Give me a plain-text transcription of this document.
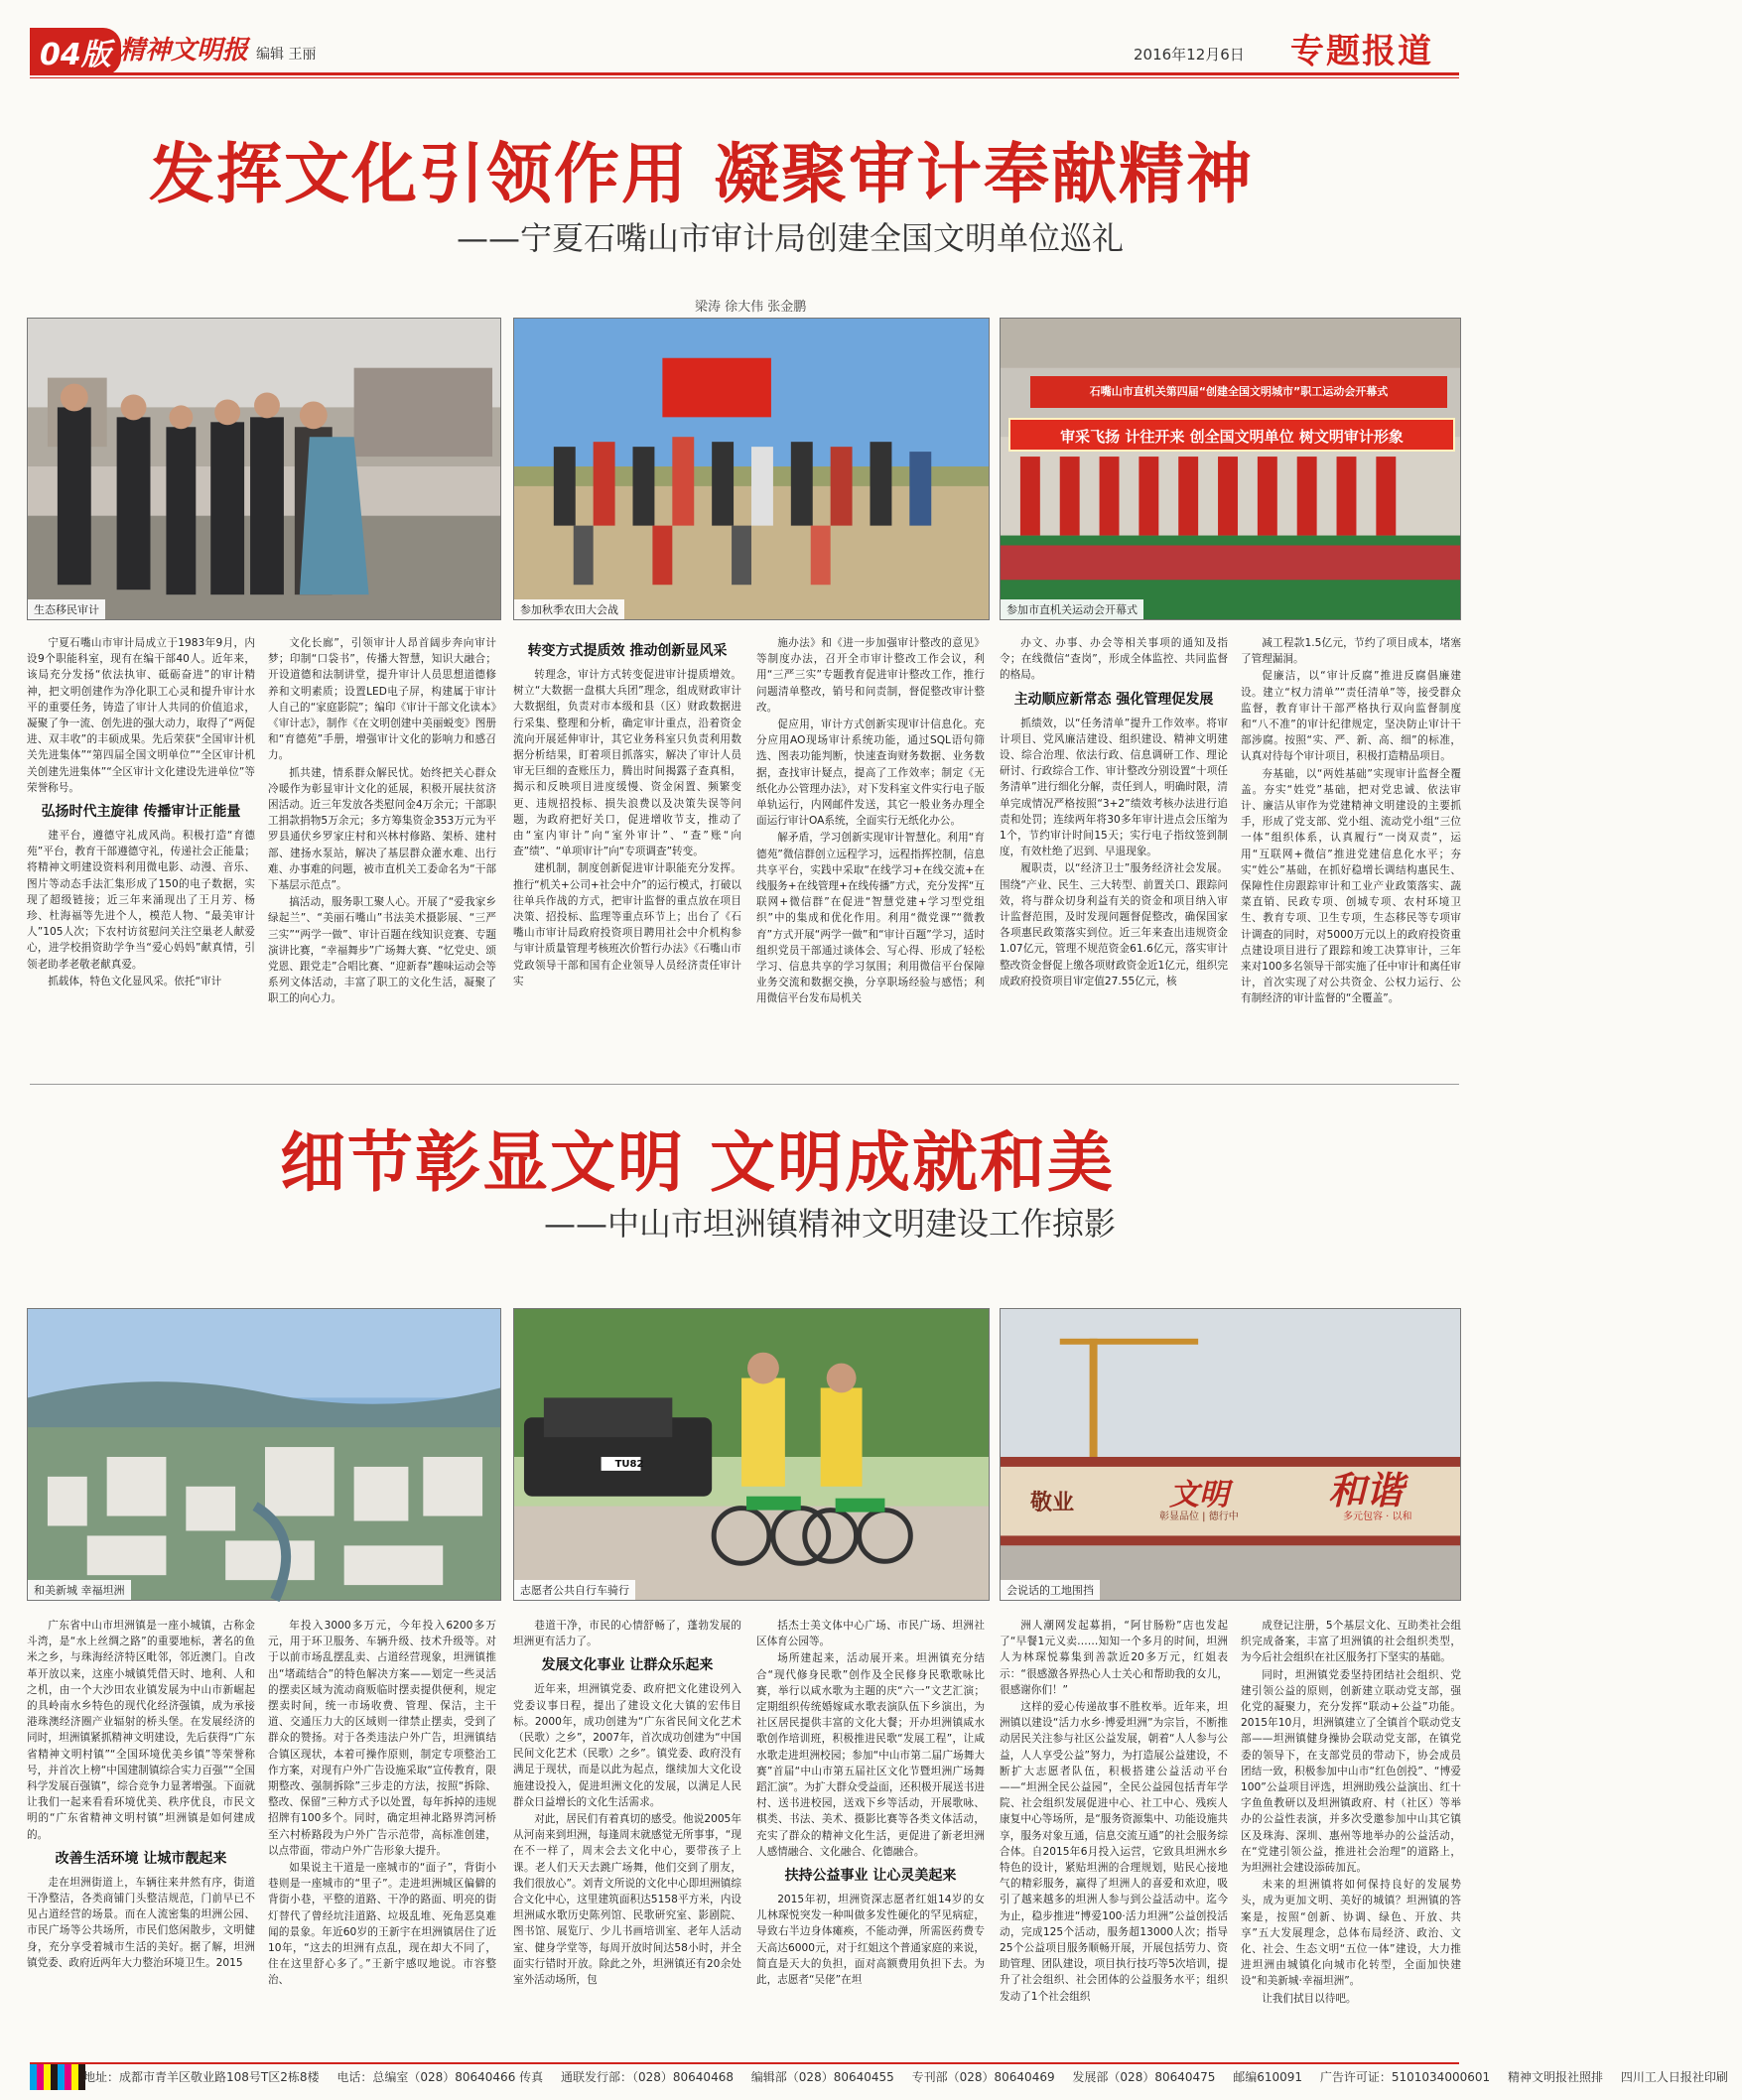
04版 精神文明报 编辑 王丽	2016年12月6日 专题报道
发挥文化引领作用 凝聚审计奉献精神
——宁夏石嘴山市审计局创建全国文明单位巡礼
梁涛 徐大伟 张金鹏
生态移民审计	参加秋季农田大会战
石嘴山市直机关第四届“创建全国文明城市”职工运动会开幕式
审采飞扬 计往开来 创全国文明单位 树文明审计形象
参加市直机关运动会开幕式

宁夏石嘴山市审计局成立于1983年9月，内设9个职能科室，现有在编干部40人。近年来，该局充分发扬“依法执审、砥砺奋进”的审计精神，把文明创建作为净化职工心灵和提升审计水平的重要任务，铸造了审计人共同的价值追求，凝聚了争一流、创先进的强大动力，取得了“两促进、双丰收”的丰硕成果。先后荣获“全国审计机关先进集体”“第四届全国文明单位”“全区审计机关创建先进集体”“全区审计文化建设先进单位”等荣誉称号。

弘扬时代主旋律 传播审计正能量

建平台，遵德守礼成风尚。积极打造“育德苑”平台，教育干部遵德守礼，传递社会正能量；将精神文明建设资料利用微电影、动漫、音乐、图片等动态手法汇集形成了150的电子数据，实现了超级链接；近三年来涌现出了王月芳、杨珍、杜海福等先进个人，模范人物、“最美审计人”105人次；下农村访贫慰问关注空巢老人献爱心，进学校捐资助学争当“爱心妈妈”献真情，引领老助孝老敬老献真爱。

抓载体，特色文化显风采。依托“审计

文化长廊”，引领审计人昂首阔步奔向审计梦；印制“口袋书”，传播大智慧，知识大融合；开设道德和法制讲堂，提升审计人员思想道德修养和文明素质；设置LED电子屏，构建属于审计人自己的“家庭影院”；编印《审计干部文化读本》《审计志》，制作《在文明创建中美丽蜕变》图册和“育德苑”手册，增强审计文化的影响力和感召力。

抓共建，情系群众解民忧。始终把关心群众冷暖作为彰显审计文化的延展，积极开展扶贫济困活动。近三年发放各类慰问金4万余元；干部职工捐款捐物5万余元；多方筹集资金353万元为平罗县通伏乡罗家庄村和兴林村修路、架桥、建村部、建扬水泵站，解决了基层群众灌水难、出行难、办事难的问题，被市直机关工委命名为“干部下基层示范点”。

搞活动，服务职工聚人心。开展了“爱我家乡绿起兰”、“美丽石嘴山”书法美术摄影展、“三严三实”“两学一做”、审计百题在线知识竞赛、专题演讲比赛，“幸福舞步”广场舞大赛、“忆党史、颂党恩、跟党走”合唱比赛、“迎新春”趣味运动会等系列文体活动，丰富了职工的文化生活，凝聚了职工的向心力。

转变方式提质效 推动创新显风采

转理念，审计方式转变促进审计提质增效。树立“大数据一盘棋大兵团”理念，组成财政审计大数据组，负责对市本级和县（区）财政数据进行采集、整理和分析，确定审计重点，沿着资金流向开展延伸审计，其它业务科室只负责利用数据分析结果，盯着项目抓落实，解决了审计人员审无巨细的查账压力，腾出时间揭露子查真相，揭示和反映项目进度缓慢、资金闲置、频繁变更、违规招投标、损失浪费以及决策失误等问题，为政府把好关口，促进增收节支，推动了由“室内审计”向“室外审计”、“查”账“向查”绩”、“单项审计”向“专项调查”转变。

建机制，制度创新促进审计职能充分发挥。推行“机关+公司+社会中介”的运行模式，打破以往单兵作战的方式，把审计监督的重点放在项目决策、招投标、监理等重点环节上；出台了《石嘴山市审计局政府投资项目聘用社会中介机构参与审计质量管理考核班次价暂行办法》《石嘴山市党政领导干部和国有企业领导人员经济责任审计实

施办法》和《进一步加强审计整改的意见》等制度办法，召开全市审计整改工作会议，利用“三严三实”专题教育促进审计整改工作，推行问题清单整改，销号和问责制，督促整改审计整改。

促应用，审计方式创新实现审计信息化。充分应用AO现场审计系统功能，通过SQL语句筛选、图表功能判断，快速查询财务数据、业务数据，查找审计疑点，提高了工作效率；制定《无纸化办公管理办法》，对下发科室文件实行电子版单轨运行，内网邮件发送，其它一般业务办理全面运行审计OA系统，全面实行无纸化办公。

解矛盾，学习创新实现审计智慧化。利用“育德苑”微信群创立远程学习，远程指挥控制，信息共享平台，实践中采取“在线学习+在线交流+在线服务+在线管理+在线传播”方式，充分发挥“互联网+微信群”在促进“智慧党建+学习型党组织”中的集成和优化作用。利用“微党课”“微教育”方式开展“两学一做”和“审计百题”学习，适时组织党员干部通过谈体会、写心得、形成了轻松学习、信息共享的学习氛围；利用微信平台保障业务交流和数据交换，分享职场经验与感悟；利用微信平台发布局机关

办文、办事、办会等相关事项的通知及指令；在线微信“查岗”，形成全体监控、共同监督的格局。

主动顺应新常态 强化管理促发展

抓绩效，以“任务清单”提升工作效率。将审计项目、党风廉洁建设、组织建设、精神文明建设、综合治理、依法行政、信息调研工作、理论研讨、行政综合工作、审计整改分别设置“十项任务清单”进行细化分解，责任到人，明确时限，清单完成情况严格按照“3+2”绩效考核办法进行追责和处罚；连续两年将30多年审计进点会压缩为1个，节约审计时间15天；实行电子指纹签到制度，有效杜绝了迟到、早退现象。

履职责，以“经济卫士”服务经济社会发展。围绕“产业、民生、三大转型、前置关口、跟踪问效，将与群众切身利益有关的资金和项目纳入审计监督范围，及时发现问题督促整改，确保国家各项惠民政策落实到位。近三年来查出违规资金1.07亿元，管理不规范资金61.6亿元，落实审计整改资金督促上缴各项财政资金近1亿元，组织完成政府投资项目审定值27.55亿元，核

减工程款1.5亿元，节约了项目成本，堵塞了管理漏洞。

促廉洁，以“审计反腐”推进反腐倡廉建设。建立“权力清单”“责任清单”等，接受群众监督，教育审计干部严格执行双向监督制度和“八不准”的审计纪律规定，坚决防止审计干部涉腐。按照“实、严、新、高、细”的标准，认真对待每个审计项目，积极打造精品项目。

夯基础，以“两姓基础”实现审计监督全覆盖。夯实“姓党”基础，把对党忠诚、依法审计、廉洁从审作为党建精神文明建设的主要抓手，形成了党支部、党小组、流动党小组“三位一体”组织体系，认真履行“一岗双责”，运用“互联网+微信”推进党建信息化水平；夯实“姓公”基础，在抓好稳增长调结构惠民生、保障性住房跟踪审计和工业产业政策落实、蔬菜直销、民政专项、创城专项、农村环境卫生、教育专项、卫生专项，生态移民等专项审计调查的同时，对5000万元以上的政府投资重点建设项目进行了跟踪和竣工决算审计，三年来对100多名领导干部实施了任中审计和离任审计，首次实现了对公共资金、公权力运行、公有制经济的审计监督的“全覆盖”。

细节彰显文明 文明成就和美
——中山市坦洲镇精神文明建设工作掠影
和美新城 幸福坦洲
TU82
志愿者公共自行车骑行
敬业	文明
彰显品位 | 德行中
和谐
多元包容 · 以和
会说话的工地围挡

广东省中山市坦洲镇是一座小城镇，古称金斗湾，是“水上丝绸之路”的重要地标，著名的鱼米之乡，与珠海经济特区毗邻，邻近澳门。自改革开放以来，这座小城镇凭借天时、地利、人和之机，由一个大沙田农业镇发展为中山市新崛起的具岭南水乡特色的现代化经济强镇，成为承接港珠澳经济圈产业辐射的桥头堡。在发展经济的同时，坦洲镇紧抓精神文明建设，先后获得“广东省精神文明村镇”“全国环境优美乡镇”等荣誉称号，并首次上榜“中国建制镇综合实力百强”“全国科学发展百强镇”，综合竞争力显著增强。下面就让我们一起来看看环境优美、秩序优良，市民文明的“广东省精神文明村镇”坦洲镇是如何建成的。

改善生活环境 让城市靓起来

走在坦洲街道上，车辆往来井然有序，街道干净整洁，各类商铺门头整洁规范，门前早已不见占道经营的场景。而在人流密集的坦洲公园、市民广场等公共场所，市民们悠闲散步，文明健身，充分享受着城市生活的美好。据了解，坦洲镇党委、政府近两年大力整治环境卫生。2015

年投入3000多万元，今年投入6200多万元，用于环卫服务、车辆升级、技术升级等。对于以前市场乱摆乱卖、占道经营现象，坦洲镇推出“堵疏结合”的特色解决方案——划定一些灵活的摆卖区域为流动商贩临时摆卖提供便利，规定摆卖时间，统一市场收费、管理、保洁，主干道、交通压力大的区域则一律禁止摆卖，受到了群众的赞扬。对于各类违法户外广告，坦洲镇结合镇区现状，本着可操作原则，制定专项整治工作方案，对现有户外广告设施采取“宣传教育，限期整改、强制拆除”三步走的方法，按照“拆除、整改、保留”三种方式予以处置，每年拆掉的违规招牌有100多个。同时，确定坦神北路界湾河桥至六村桥路段为户外广告示范带，高标准创建，以点带面，带动户外广告形象大提升。

如果说主干道是一座城市的“面子”，背街小巷则是一座城市的“里子”。走进坦洲城区偏僻的背街小巷，平整的道路、干净的路面、明亮的街灯替代了曾经坑洼道路、垃圾乱堆、死角恶臭难闻的景象。年近60岁的王新宇在坦洲镇居住了近10年，“这去的坦洲有点乱，现在却大不同了，住在这里舒心多了。”王新宇感叹地说。市容整治、

巷道干净，市民的心情舒畅了，蓬勃发展的坦洲更有活力了。

发展文化事业 让群众乐起来

近年来，坦洲镇党委、政府把文化建设列入党委议事日程，提出了建设文化大镇的宏伟目标。2000年，成功创建为“广东省民间文化艺术（民歌）之乡”，2007年，首次成功创建为“中国民间文化艺术（民歌）之乡”。镇党委、政府没有满足于现状，而是以此为起点，继续加大文化设施建设投入，促进坦洲文化的发展，以满足人民群众日益增长的文化生活需求。

对此，居民们有着真切的感受。他说2005年从河南来到坦洲，每逢周末就感觉无所事事，“现在不一样了，周末会去文化中心，要带孩子上课。老人们天天去跳广场舞，他们交到了朋友，我们很放心”。刘青文所说的文化中心即坦洲镇综合文化中心，这里建筑面积达5158平方米，内设坦洲咸水歌历史陈列馆、民歌研究室、影剧院、图书馆、展览厅、少儿书画培训室、老年人活动室、健身学堂等，每周开放时间达58小时，并全面实行错时开放。除此之外，坦洲镇还有20余处室外活动场所，包

括杰士美文体中心广场、市民广场、坦洲社区体育公园等。

场所建起来，活动展开来。坦洲镇充分结合“现代修身民歌”创作及全民修身民歌歌咏比赛，举行以咸水歌为主题的庆“六一”文艺汇演；定期组织传统婚嫁咸水歌表演队伍下乡演出，为社区居民提供丰富的文化大餐；开办坦洲镇咸水歌创作培训班，积极推进民歌“发展工程”，让咸水歌走进坦洲校园；参加“中山市第二届广场舞大赛”首届“中山市第五届社区文化节暨坦洲广场舞蹈汇演”。为扩大群众受益面，还积极开展送书进村、送书进校园，送戏下乡等活动，开展歌咏、棋类、书法、美术、摄影比赛等各类文体活动，充实了群众的精神文化生活，更促进了新老坦洲人感情融合、文化融合、化德融合。

扶持公益事业 让心灵美起来

2015年初，坦洲资深志愿者红姐14岁的女儿林琛悦突发一种叫做多发性硬化的罕见病症，导致右半边身体瘫痪，不能动弹，所需医药费专天高达6000元，对于红姐这个普通家庭的来说，简直是天大的负担，面对高额费用负担下去。为此，志愿者“吴佬”在坦

洲人潮网发起募捐，“阿甘肠粉”店也发起了“早餐1元义卖……知知一个多月的时间，坦洲人为林琛悦募集到善款近20多万元，红姐表示：“很感激各界热心人士关心和帮助我的女儿，很感谢你们！”

这样的爱心传递故事不胜枚举。近年来，坦洲镇以建设“活力水乡·博爱坦洲”为宗旨，不断推动居民关注参与社区公益发展，朝着“人人参与公益，人人享受公益”努力，为打造展公益建设，不断扩大志愿者队伍，积极搭建公益活动平台——“坦洲全民公益园”，全民公益园包括青年学院、社会组织发展促进中心、社工中心、残疾人康复中心等场所，是“服务资源集中、功能设施共享，服务对象互通，信息交流互通”的社会服务综合体。自2015年6月投入运营，它致具坦洲水乡特色的设计，紧贴坦洲的合理规划，贴民心接地气的精彩服务，赢得了坦洲人的喜爱和欢迎，吸引了越来越多的坦洲人参与到公益活动中。迄今为止，稳步推进“博爱100·活力坦洲”公益创投活动，完成125个活动，服务超13000人次；指导25个公益项目服务顺畅开展，开展包括劳力、资助管理、团队建设，项目执行技巧等5次培训，提升了社会组织、社会团体的公益服务水平；组织发动了1个社会组织

成登记注册，5个基层文化、互助类社会组织完成备案，丰富了坦洲镇的社会组织类型，为今后社会组织在社区服务打下坚实的基础。

同时，坦洲镇党委坚持团结社会组织、党建引领公益的原则，创新建立联动党支部，强化党的凝聚力，充分发挥“联动+公益”功能。2015年10月，坦洲镇建立了全镇首个联动党支部——坦洲镇健身操协会联动党支部，在镇党委的领导下，在支部党员的带动下，协会成员团结一致，积极参加中山市“红色创投”、“博爱100”公益项目评选，坦洲助残公益演出、红十字鱼鱼教研以及坦洲镇政府、村（社区）等举办的公益性表演，并多次受邀参加中山其它镇区及珠海、深圳、惠州等地举办的公益活动，在“党建引领公益，推进社会治理”的道路上，为坦洲社会建设添砖加瓦。

未来的坦洲镇将如何保持良好的发展势头，成为更加文明、美好的城镇？坦洲镇的答案是，按照“创新、协调、绿色、开放、共享”五大发展理念，总体布局经济、政治、文化、社会、生态文明“五位一体”建设，大力推进坦洲由城镇化向城市化转型，全面加快建设“和美新城·幸福坦洲”。

让我们拭目以待吧。

地址：成都市青羊区敬业路108号T区2栋8楼 电话：总编室（028）80640466 传真 通联发行部：（028）80640468 编辑部（028）80640455 专刊部（028）80640469 发展部（028）80640475 邮编610091 广告许可证：5101034000601 精神文明报社照排 四川工人日报社印刷
